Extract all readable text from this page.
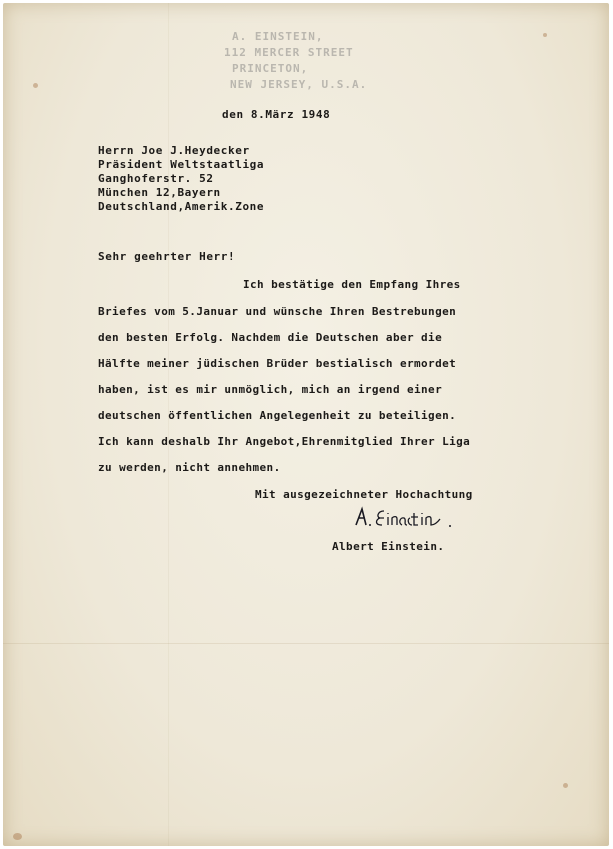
A. EINSTEIN,
112 MERCER STREET
PRINCETON,
NEW JERSEY, U.S.A.
den 8.März 1948
Herrn Joe J.Heydecker
Präsident Weltstaatliga
Ganghoferstr. 52
München 12,Bayern
Deutschland,Amerik.Zone
Sehr geehrter Herr!
Ich bestätige den Empfang Ihres
Briefes vom 5.Januar und wünsche Ihren Bestrebungen
den besten Erfolg. Nachdem die Deutschen aber die
Hälfte meiner jüdischen Brüder bestialisch ermordet
haben, ist es mir unmöglich, mich an irgend einer
deutschen öffentlichen Angelegenheit zu beteiligen.
Ich kann deshalb Ihr Angebot,Ehrenmitglied Ihrer Liga
zu werden, nicht annehmen.
Mit ausgezeichneter Hochachtung
Albert Einstein.
